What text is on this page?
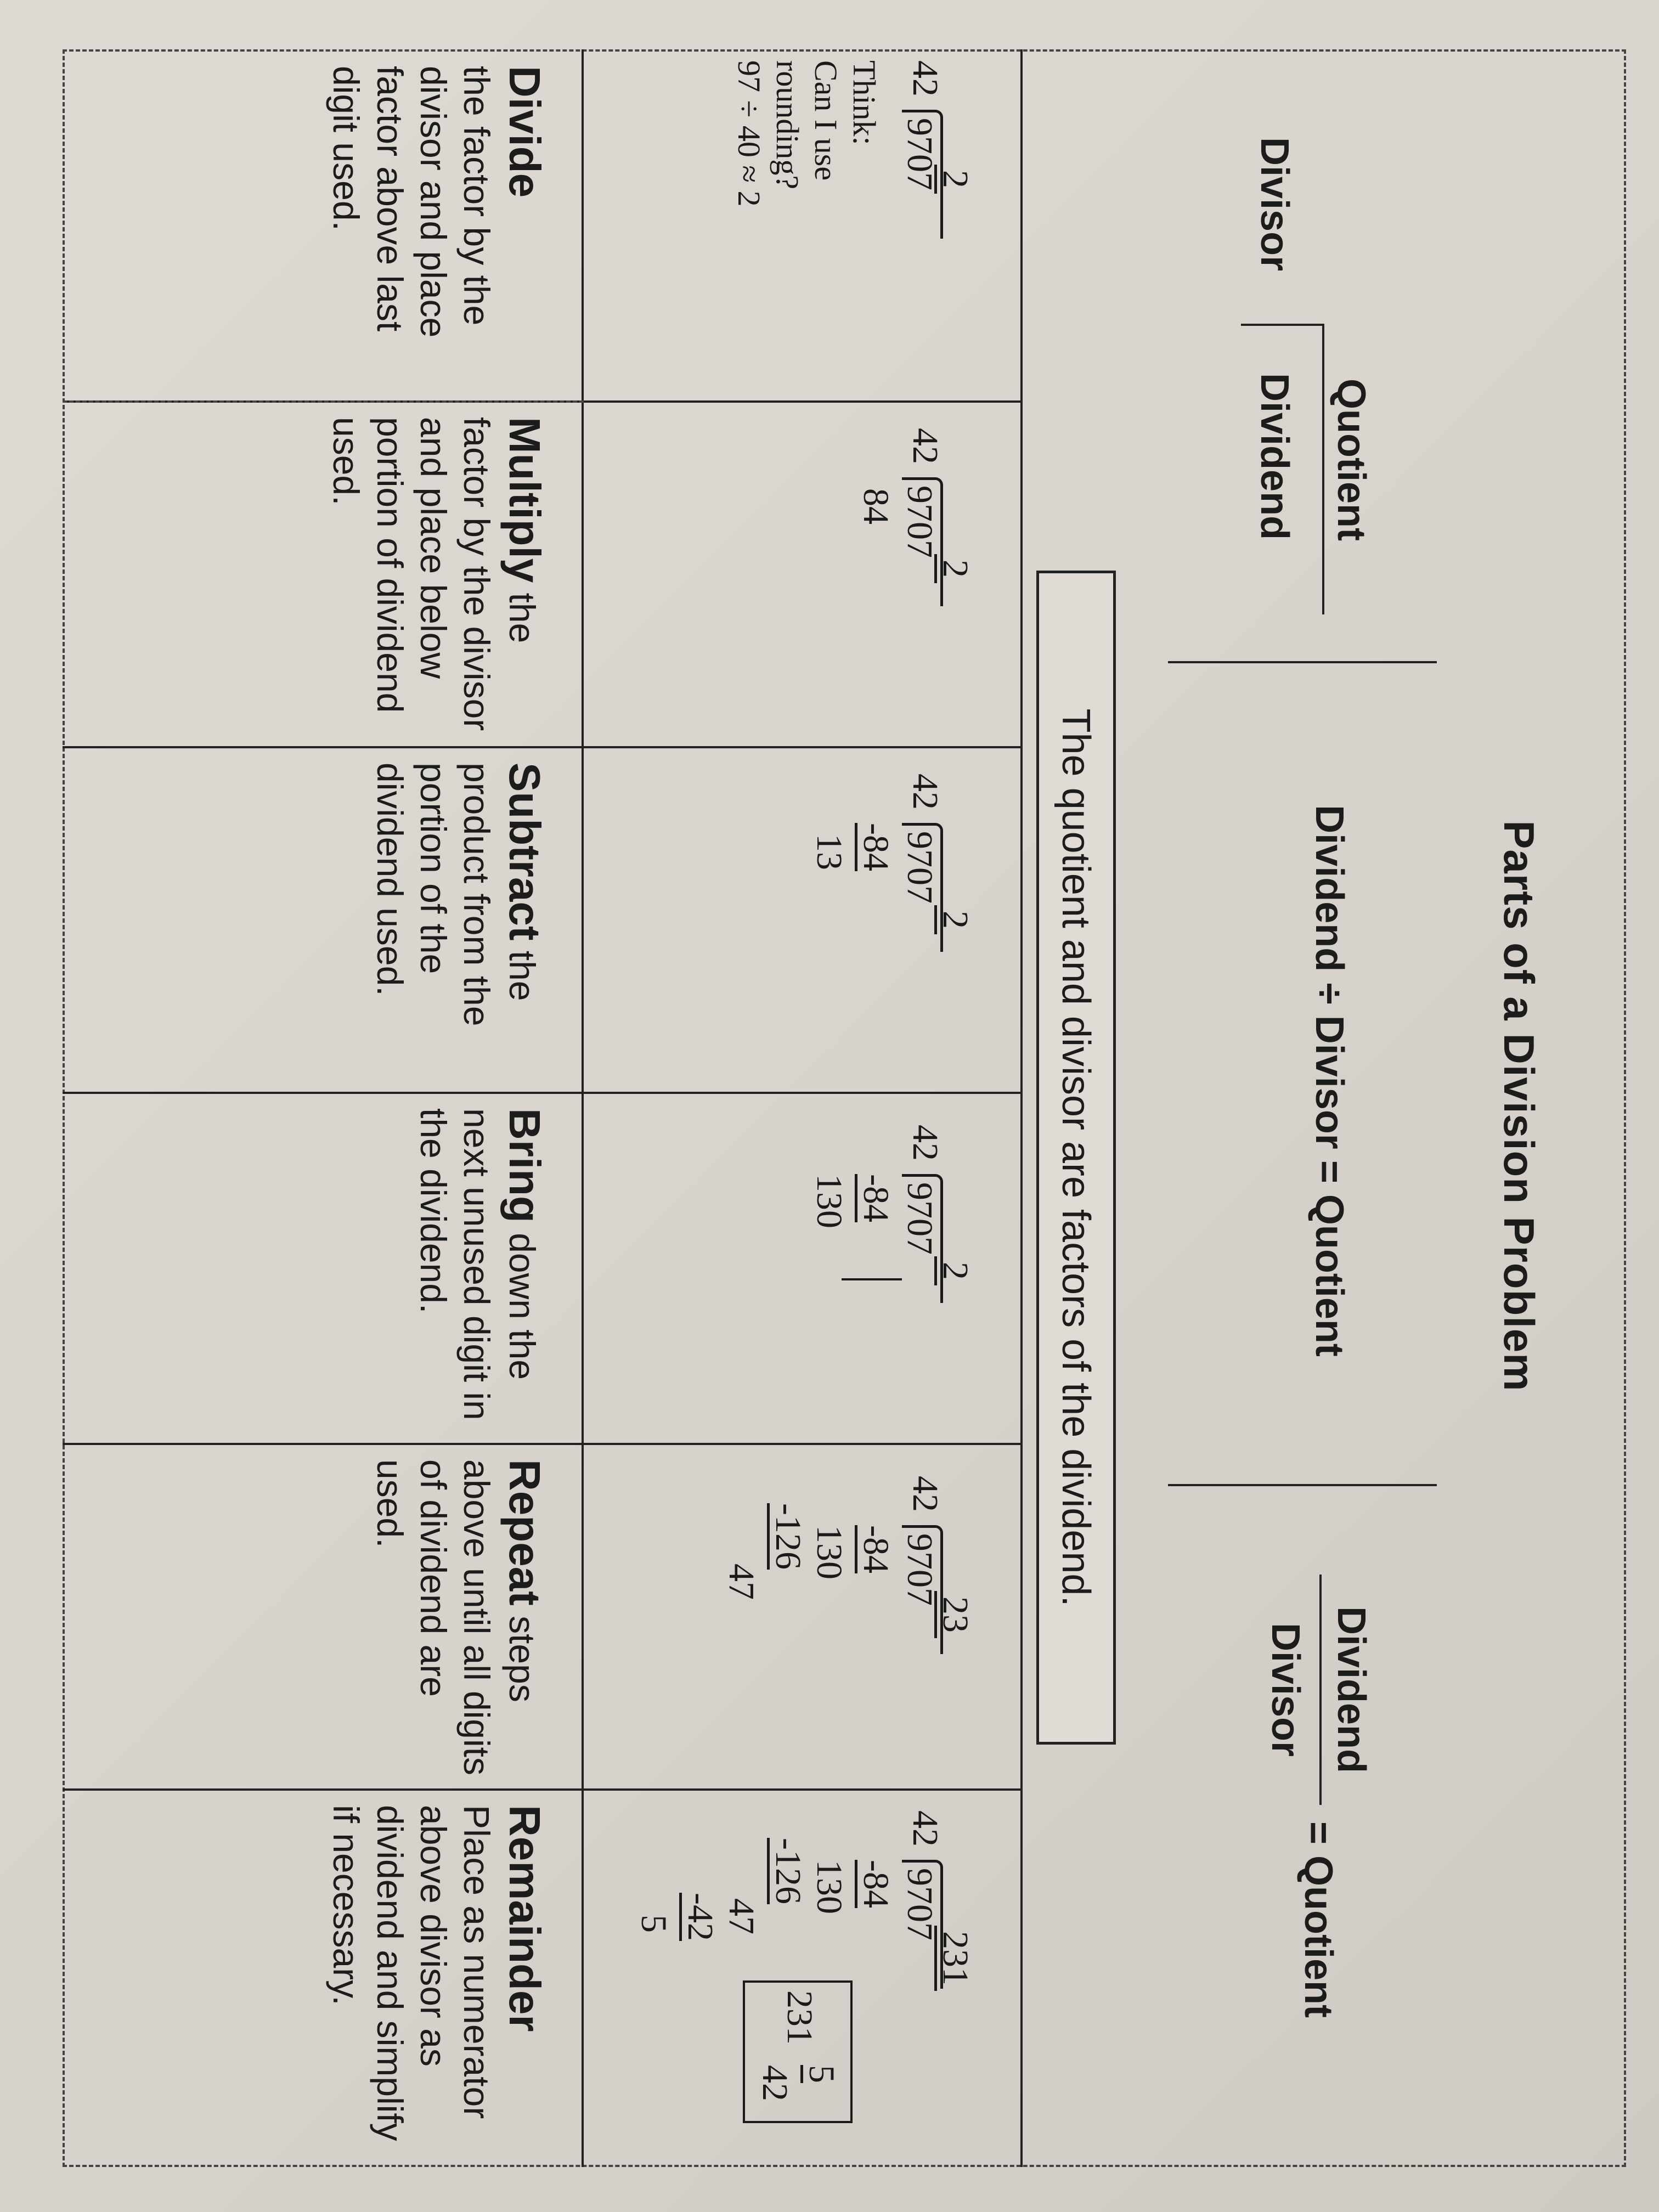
Parts of a Division Problem
Quotient
Divisor
Dividend
Dividend ÷ Divisor = Quotient
Dividend
Divisor
= Quotient
The quotient and divisor are factors of the dividend.
2
42
9707
Think:
Can I use
rounding?
97 ÷ 40 ≈ 2
2
42
9707
84
2
42
9707
-84
13
2
42
9707
-84
130
23
42
9707
-84
130
-126
47
231
42
9707
-84
130
-126
47
-42
5
231
5
42
Divide
the factor by the divisor and place factor above last digit used.
Multiply the factor by the divisor and place below portion of dividend used.
Subtract the product from the portion of the dividend used.
Bring down the next unused digit in the dividend.
Repeat steps above until all digits of dividend are used.
Remainder
Place as numerator above divisor as dividend and simplify if necessary.
